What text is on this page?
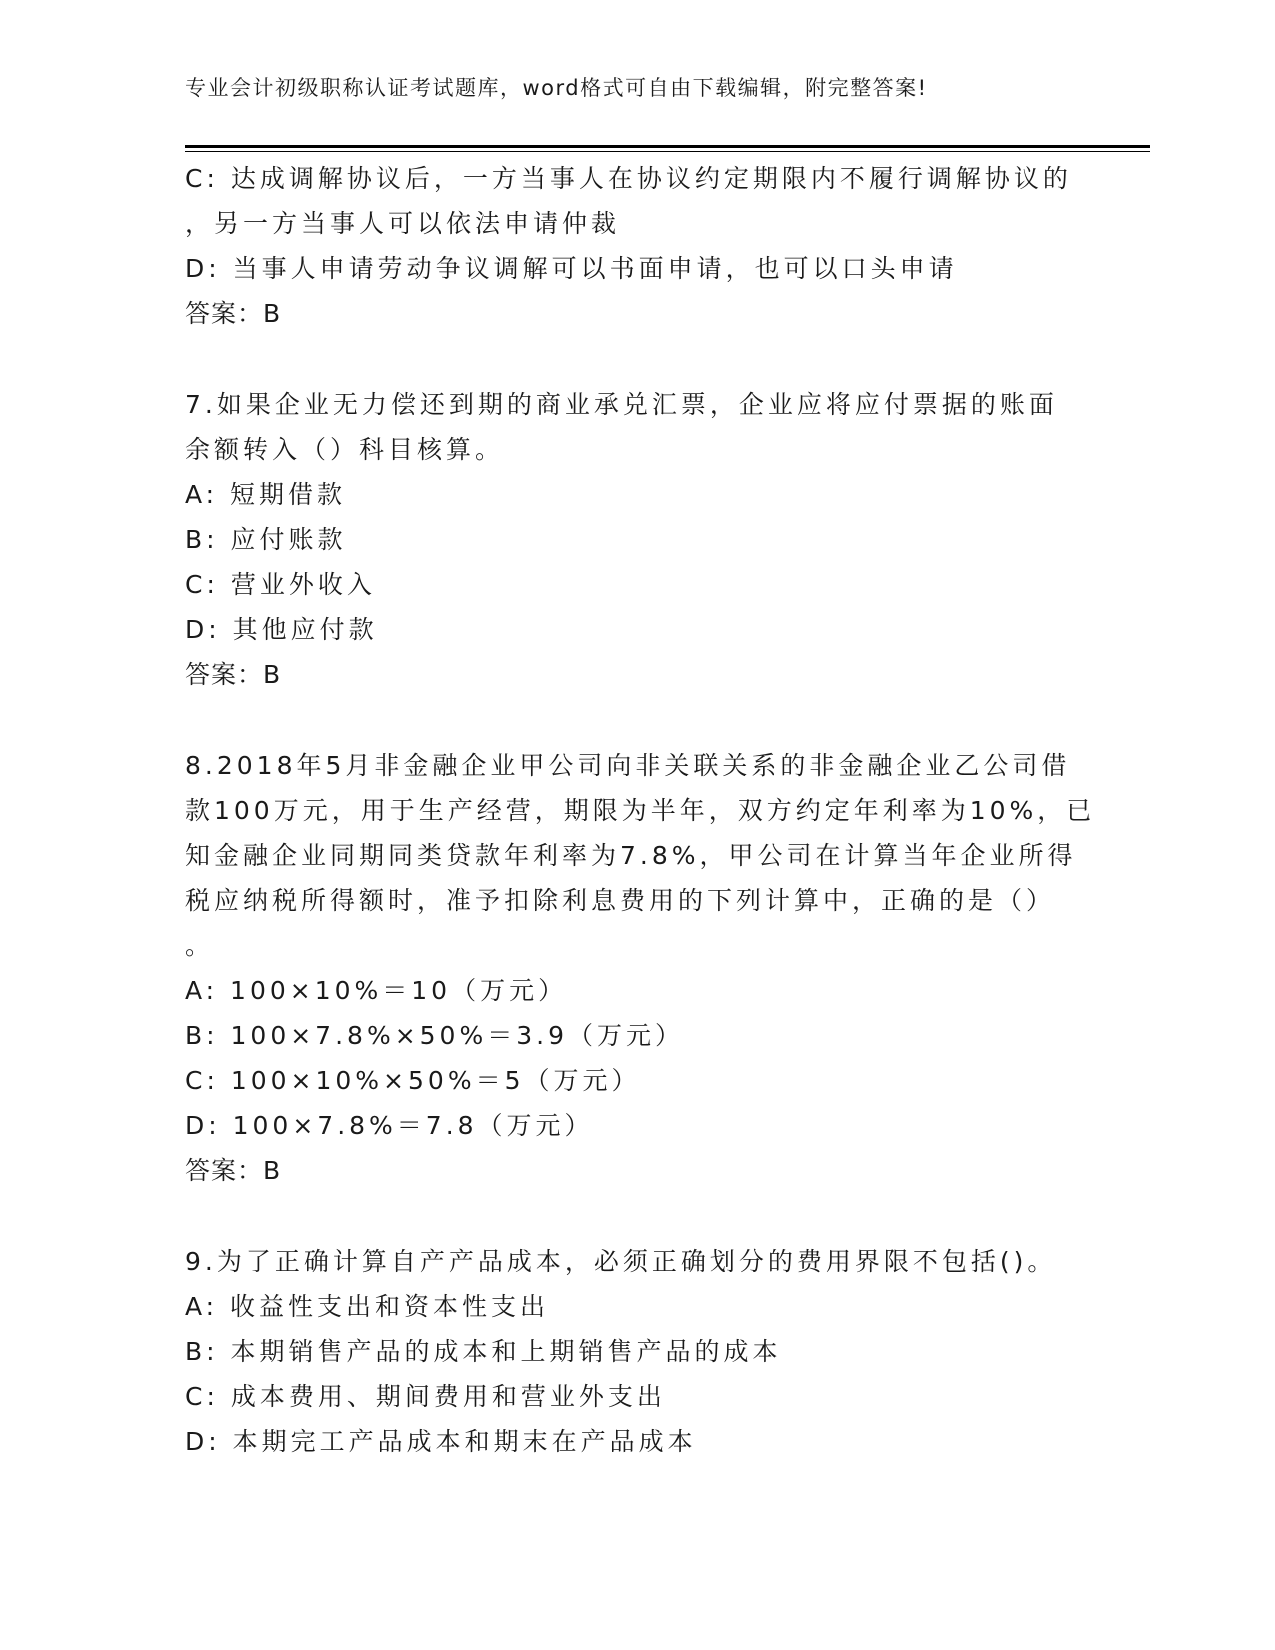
专业会计初级职称认证考试题库，word格式可自由下载编辑，附完整答案!
C: 达成调解协议后，一方当事人在协议约定期限内不履行调解协议的
，另一方当事人可以依法申请仲裁
D: 当事人申请劳动争议调解可以书面申请，也可以口头申请
答案：B
7.如果企业无力偿还到期的商业承兑汇票，企业应将应付票据的账面
余额转入（）科目核算。
A: 短期借款
B: 应付账款
C: 营业外收入
D: 其他应付款
答案：B
8.2018年5月非金融企业甲公司向非关联关系的非金融企业乙公司借
款100万元，用于生产经营，期限为半年，双方约定年利率为10%，已
知金融企业同期同类贷款年利率为7.8%，甲公司在计算当年企业所得
税应纳税所得额时，准予扣除利息费用的下列计算中，正确的是（）
。
A: 100×10%＝10（万元）
B: 100×7.8%×50%＝3.9（万元）
C: 100×10%×50%＝5（万元）
D: 100×7.8%＝7.8（万元）
答案：B
9.为了正确计算自产产品成本，必须正确划分的费用界限不包括()。
A: 收益性支出和资本性支出
B: 本期销售产品的成本和上期销售产品的成本
C: 成本费用、期间费用和营业外支出
D: 本期完工产品成本和期末在产品成本
